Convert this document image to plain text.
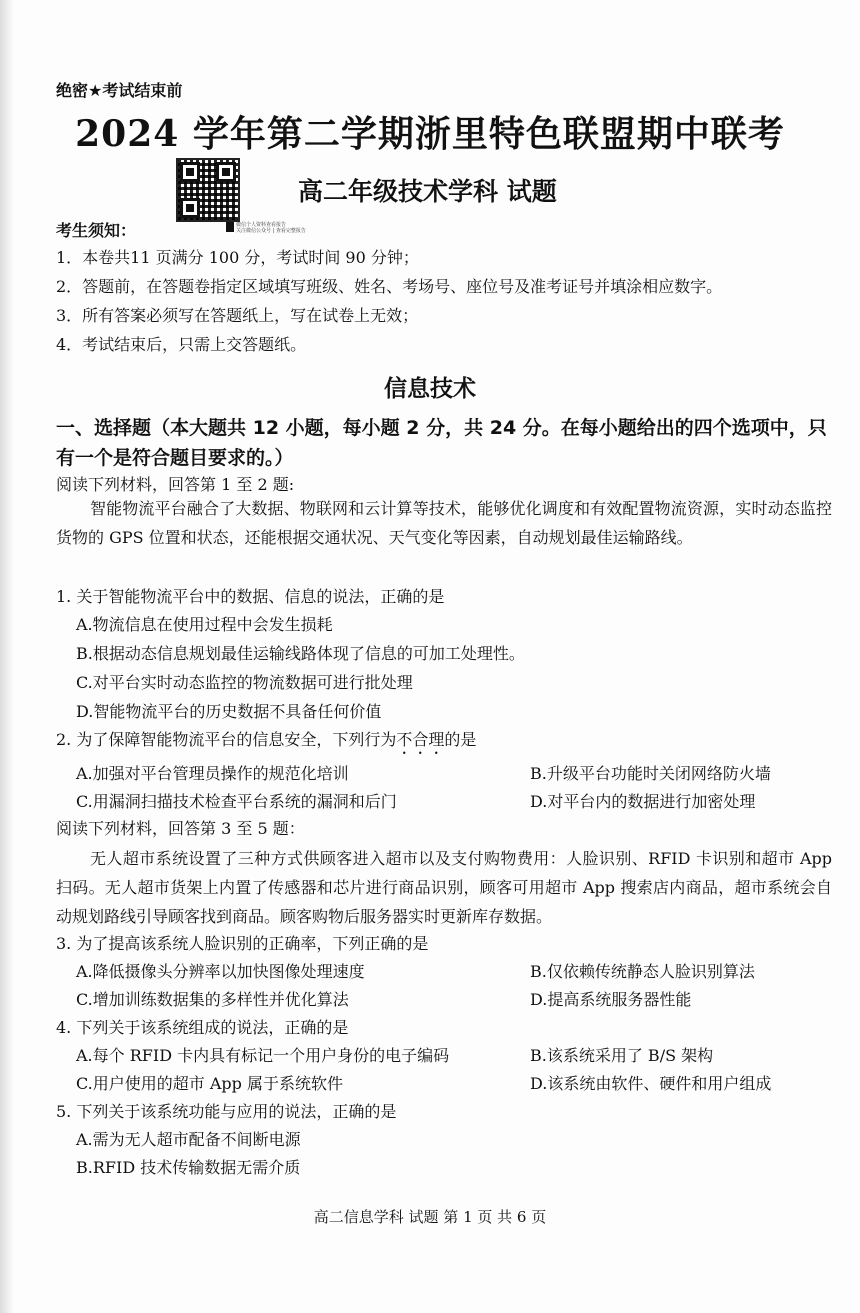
绝密★考试结束前
2024 学年第二学期浙里特色联盟期中联考
微信个人资料查看报告
关注微信公众号 | 查看完整报告
高二年级技术学科 试题
考生须知：
1．本卷共11 页满分 100 分，考试时间 90 分钟；
2．答题前，在答题卷指定区域填写班级、姓名、考场号、座位号及准考证号并填涂相应数字。
3．所有答案必须写在答题纸上，写在试卷上无效；
4．考试结束后，只需上交答题纸。
信息技术
一、选择题（本大题共 12 小题，每小题 2 分，共 24 分。在每小题给出的四个选项中，只有一个是符合题目要求的。）
阅读下列材料，回答第 1 至 2 题:
智能物流平台融合了大数据、物联网和云计算等技术，能够优化调度和有效配置物流资源，实时动态监控货物的 GPS 位置和状态，还能根据交通状况、天气变化等因素，自动规划最佳运输路线。
1. 关于智能物流平台中的数据、信息的说法，正确的是
A.物流信息在使用过程中会发生损耗
B.根据动态信息规划最佳运输线路体现了信息的可加工处理性。
C.对平台实时动态监控的物流数据可进行批处理
D.智能物流平台的历史数据不具备任何价值
2. 为了保障智能物流平台的信息安全，下列行为不合理的是
A.加强对平台管理员操作的规范化培训	B.升级平台功能时关闭网络防火墙
C.用漏洞扫描技术检查平台系统的漏洞和后门	D.对平台内的数据进行加密处理
阅读下列材料，回答第 3 至 5 题：
无人超市系统设置了三种方式供顾客进入超市以及支付购物费用：人脸识别、RFID 卡识别和超市 App 扫码。无人超市货架上内置了传感器和芯片进行商品识别，顾客可用超市 App 搜索店内商品，超市系统会自动规划路线引导顾客找到商品。顾客购物后服务器实时更新库存数据。
3. 为了提高该系统人脸识别的正确率，下列正确的是
A.降低摄像头分辨率以加快图像处理速度	B.仅依赖传统静态人脸识别算法
C.增加训练数据集的多样性并优化算法	D.提高系统服务器性能
4. 下列关于该系统组成的说法，正确的是
A.每个 RFID 卡内具有标记一个用户身份的电子编码	B.该系统采用了 B/S 架构
C.用户使用的超市 App 属于系统软件	D.该系统由软件、硬件和用户组成
5. 下列关于该系统功能与应用的说法，正确的是
A.需为无人超市配备不间断电源
B.RFID 技术传输数据无需介质
高二信息学科 试题 第 1 页 共 6 页
